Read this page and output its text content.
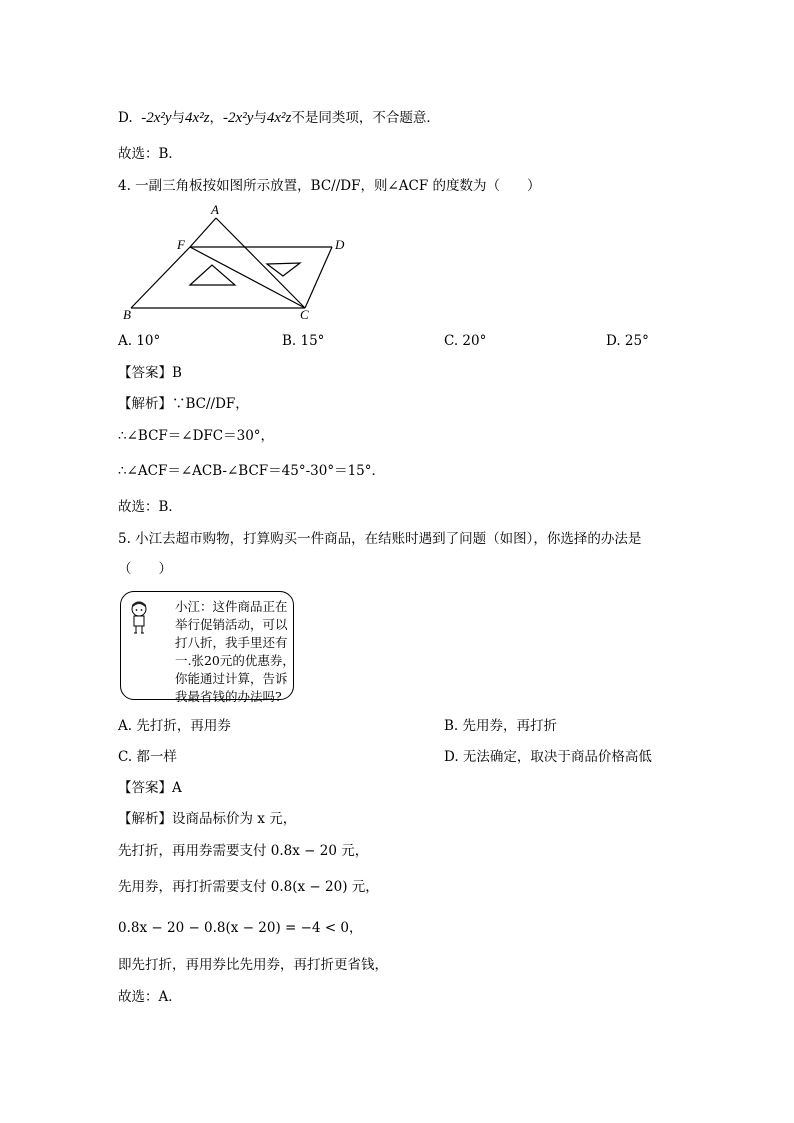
D. -2x²y与4x²z，-2x²y与4x²z不是同类项，不合题意．
故选：B．
4. 一副三角板按如图所示放置，BC//DF，则∠ACF 的度数为（　　）
A
F	D
B	C
A. 10°	B. 15°	C. 20°	D. 25°
【答案】B
【解析】∵BC//DF，
∴∠BCF＝∠DFC＝30°，
∴∠ACF＝∠ACB-∠BCF＝45°-30°＝15°．
故选：B．
5. 小江去超市购物，打算购买一件商品，在结账时遇到了问题（如图），你选择的办法是
（　　）
小江：这件商品正在
举行促销活动，可以
打八折，我手里还有
一.张20元的优惠券，
你能通过计算，告诉
我最省钱的办法吗?
A. 先打折，再用券	B. 先用券，再打折
C. 都一样	D. 无法确定，取决于商品价格高低
【答案】A
【解析】设商品标价为 x 元，
先打折，再用券需要支付 0.8x − 20 元，
先用券，再打折需要支付 0.8(x − 20) 元，
0.8x − 20 − 0.8(x − 20) = −4 < 0，
即先打折，再用券比先用券，再打折更省钱，
故选：A．
